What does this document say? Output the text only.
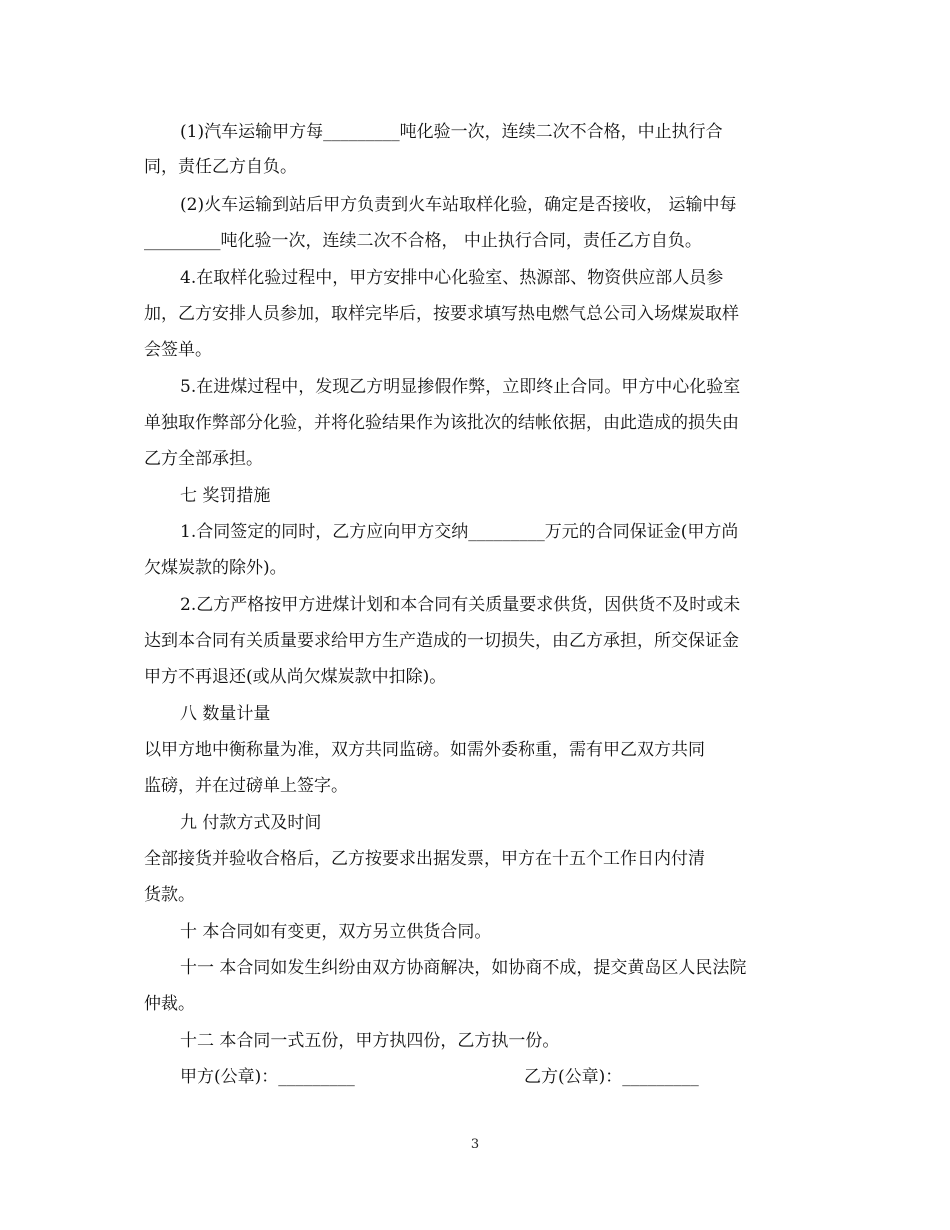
(1)汽车运输甲方每_________吨化验一次，连续二次不合格，中止执行合
同，责任乙方自负。
(2)火车运输到站后甲方负责到火车站取样化验，确定是否接收， 运输中每
_________吨化验一次，连续二次不合格， 中止执行合同，责任乙方自负。
4.在取样化验过程中，甲方安排中心化验室、热源部、物资供应部人员参
加，乙方安排人员参加，取样完毕后，按要求填写热电燃气总公司入场煤炭取样
会签单。
5.在进煤过程中，发现乙方明显掺假作弊，立即终止合同。甲方中心化验室
单独取作弊部分化验，并将化验结果作为该批次的结帐依据，由此造成的损失由
乙方全部承担。
七 奖罚措施
1.合同签定的同时，乙方应向甲方交纳_________万元的合同保证金(甲方尚
欠煤炭款的除外)。
2.乙方严格按甲方进煤计划和本合同有关质量要求供货，因供货不及时或未
达到本合同有关质量要求给甲方生产造成的一切损失，由乙方承担，所交保证金
甲方不再退还(或从尚欠煤炭款中扣除)。
八 数量计量
以甲方地中衡称量为准，双方共同监磅。如需外委称重，需有甲乙双方共同
监磅，并在过磅单上签字。
九 付款方式及时间
全部接货并验收合格后，乙方按要求出据发票，甲方在十五个工作日内付清
货款。
十 本合同如有变更，双方另立供货合同。
十一 本合同如发生纠纷由双方协商解决，如协商不成，提交黄岛区人民法院
仲裁。
十二 本合同一式五份，甲方执四份，乙方执一份。
甲方(公章)：_________	乙方(公章)：_________
3
